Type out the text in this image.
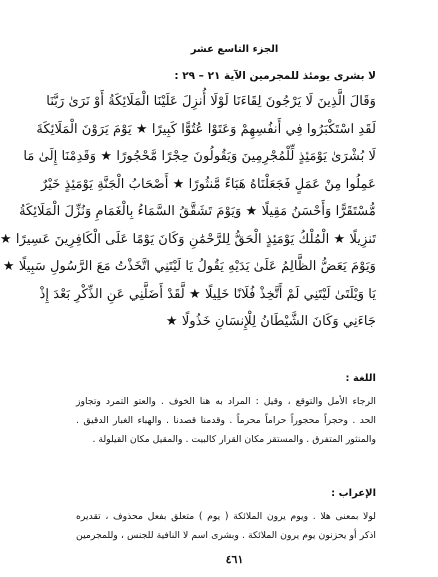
الجزء التاسع عشر
لا بشرى يومئذ للمجرمين الآية ٢١ – ٢٩ :
وَقَالَ الَّذِينَ لَا يَرْجُونَ لِقَاءَنَا لَوْلَا أُنزِلَ عَلَيْنَا الْمَلَائِكَةُ أَوْ نَرَىٰ رَبَّنَا
لَقَدِ اسْتَكْبَرُوا فِي أَنفُسِهِمْ وَعَتَوْا عُتُوًّا كَبِيرًا ★ يَوْمَ يَرَوْنَ الْمَلَائِكَةَ
لَا بُشْرَىٰ يَوْمَئِذٍ لِّلْمُجْرِمِينَ وَيَقُولُونَ حِجْرًا مَّحْجُورًا ★ وَقَدِمْنَا إِلَىٰ مَا
عَمِلُوا مِنْ عَمَلٍ فَجَعَلْنَاهُ هَبَاءً مَّنثُورًا ★ أَصْحَابُ الْجَنَّةِ يَوْمَئِذٍ خَيْرٌ
مُّسْتَقَرًّا وَأَحْسَنُ مَقِيلًا ★ وَيَوْمَ تَشَقَّقُ السَّمَاءُ بِالْغَمَامِ وَنُزِّلَ الْمَلَائِكَةُ
تَنزِيلًا ★ الْمُلْكُ يَوْمَئِذٍ الْحَقُّ لِلرَّحْمَٰنِ وَكَانَ يَوْمًا عَلَى الْكَافِرِينَ عَسِيرًا ★
وَيَوْمَ يَعَضُّ الظَّالِمُ عَلَىٰ يَدَيْهِ يَقُولُ يَا لَيْتَنِي اتَّخَذْتُ مَعَ الرَّسُولِ سَبِيلًا ★
يَا وَيْلَتَىٰ لَيْتَنِي لَمْ أَتَّخِذْ فُلَانًا خَلِيلًا ★ لَّقَدْ أَضَلَّنِي عَنِ الذِّكْرِ بَعْدَ إِذْ
جَاءَنِي وَكَانَ الشَّيْطَانُ لِلْإِنسَانِ خَذُولًا ★
اللغة :
الرجاء الأمل والتوقع ، وقيل : المراد به هنا الخوف . والعتو التمرد وتجاوز
الحد . وحجراً محجوراً حراماً محرماً . وقدمنا قصدنا . والهباء الغبار الدقيق .
والمنثور المتفرق . والمستقر مكان القرار كالبيت . والمقيل مكان القيلولة .
الإعراب :
لولا بمعنى هلا . ويوم يرون الملائكة ( يوم ) متعلق بفعل محذوف ، تقديره
اذكر أو يحزنون يوم يرون الملائكة . وبشرى اسم لا النافية للجنس ، وللمجرمين
٤٦١
